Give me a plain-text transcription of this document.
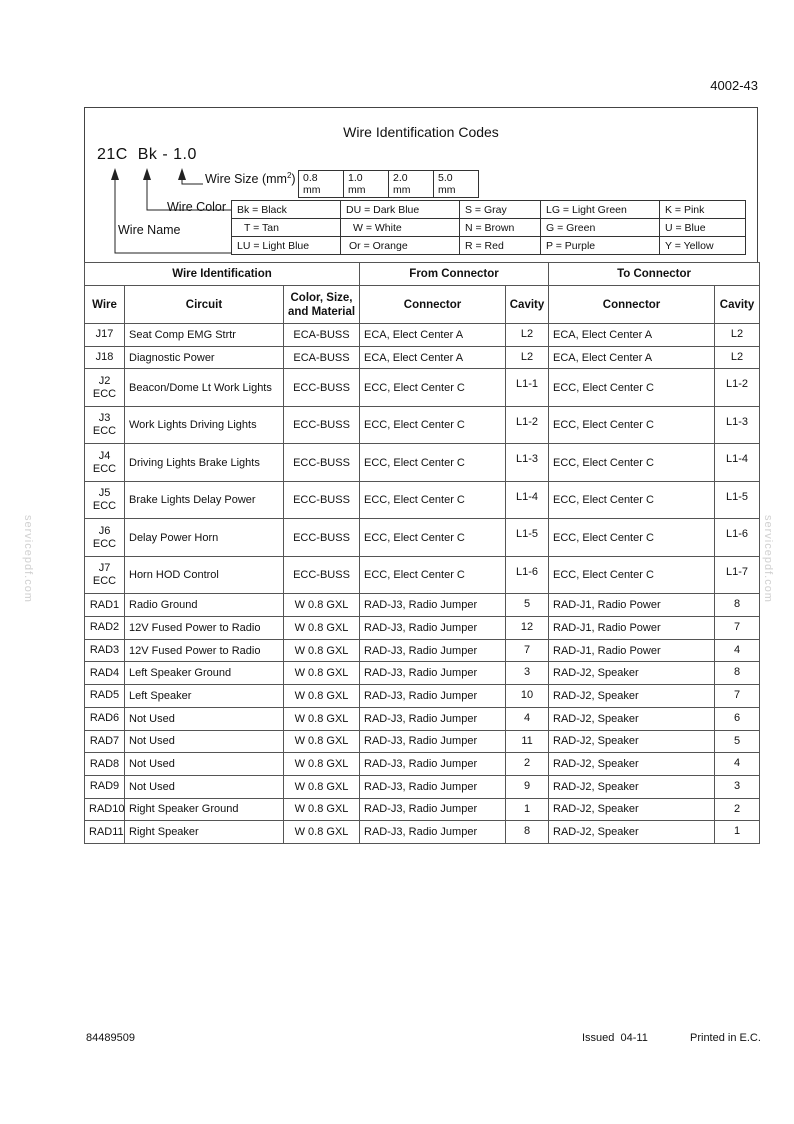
4002-43
Wire Identification Codes
21C  Bk - 1.0
Wire Size $(mm^2)$ 0.8 mm
1.0 mm
2.0 mm
5.0 mm
Wire Color
Wire Name
Bk = Black	DU = Dark Blue	S = Gray	LG = Light Green	K = Pink
T = Tan	W = White	N = Brown	G = Green	U = Blue
LU = Light Blue	Or = Orange	R = Red	P = Purple	Y = Yellow
Wire Identification			From Connector		To Connector	
Wire	Circuit	Color, Size, and Material	Connector	Cavity	Connector	Cavity
J17	Seat Comp EMG Strtr	ECA-BUSS	ECA, Elect Center A	L2	ECA, Elect Center A	L2
J18	Diagnostic Power	ECA-BUSS	ECA, Elect Center A	L2	ECA, Elect Center A	L2

J2
ECC	Beacon/Dome Lt Work Lights	ECC-BUSS	ECC, Elect Center C	L1-1	ECC, Elect Center C	L1-2

J3
ECC	Work Lights Driving Lights	ECC-BUSS	ECC, Elect Center C	L1-2	ECC, Elect Center C	L1-3

J4
ECC	Driving Lights Brake Lights	ECC-BUSS	ECC, Elect Center C	L1-3	ECC, Elect Center C	L1-4

J5
ECC	Brake Lights Delay Power	ECC-BUSS	ECC, Elect Center C	L1-4	ECC, Elect Center C	L1-5

J6
ECC	Delay Power Horn	ECC-BUSS	ECC, Elect Center C	L1-5	ECC, Elect Center C	L1-6

J7
ECC	Horn HOD Control	ECC-BUSS	ECC, Elect Center C	L1-6	ECC, Elect Center C	L1-7
RAD1	Radio Ground	W 0.8 GXL	RAD-J3, Radio Jumper	5	RAD-J1, Radio Power	8
RAD2	12V Fused Power to Radio	W 0.8 GXL	RAD-J3, Radio Jumper	12	RAD-J1, Radio Power	7
RAD3	12V Fused Power to Radio	W 0.8 GXL	RAD-J3, Radio Jumper	7	RAD-J1, Radio Power	4
RAD4	Left Speaker Ground	W 0.8 GXL	RAD-J3, Radio Jumper	3	RAD-J2, Speaker	8
RAD5	Left Speaker	W 0.8 GXL	RAD-J3, Radio Jumper	10	RAD-J2, Speaker	7
RAD6	Not Used	W 0.8 GXL	RAD-J3, Radio Jumper	4	RAD-J2, Speaker	6
RAD7	Not Used	W 0.8 GXL	RAD-J3, Radio Jumper	11	RAD-J2, Speaker	5
RAD8	Not Used	W 0.8 GXL	RAD-J3, Radio Jumper	2	RAD-J2, Speaker	4
RAD9	Not Used	W 0.8 GXL	RAD-J3, Radio Jumper	9	RAD-J2, Speaker	3
RAD10	Right Speaker Ground	W 0.8 GXL	RAD-J3, Radio Jumper	1	RAD-J2, Speaker	2
RAD11	Right Speaker	W 0.8 GXL	RAD-J3, Radio Jumper	8	RAD-J2, Speaker	1
servicepdf.com	servicepdf.com
84489509	Issued  04-11	Printed in E.C.
